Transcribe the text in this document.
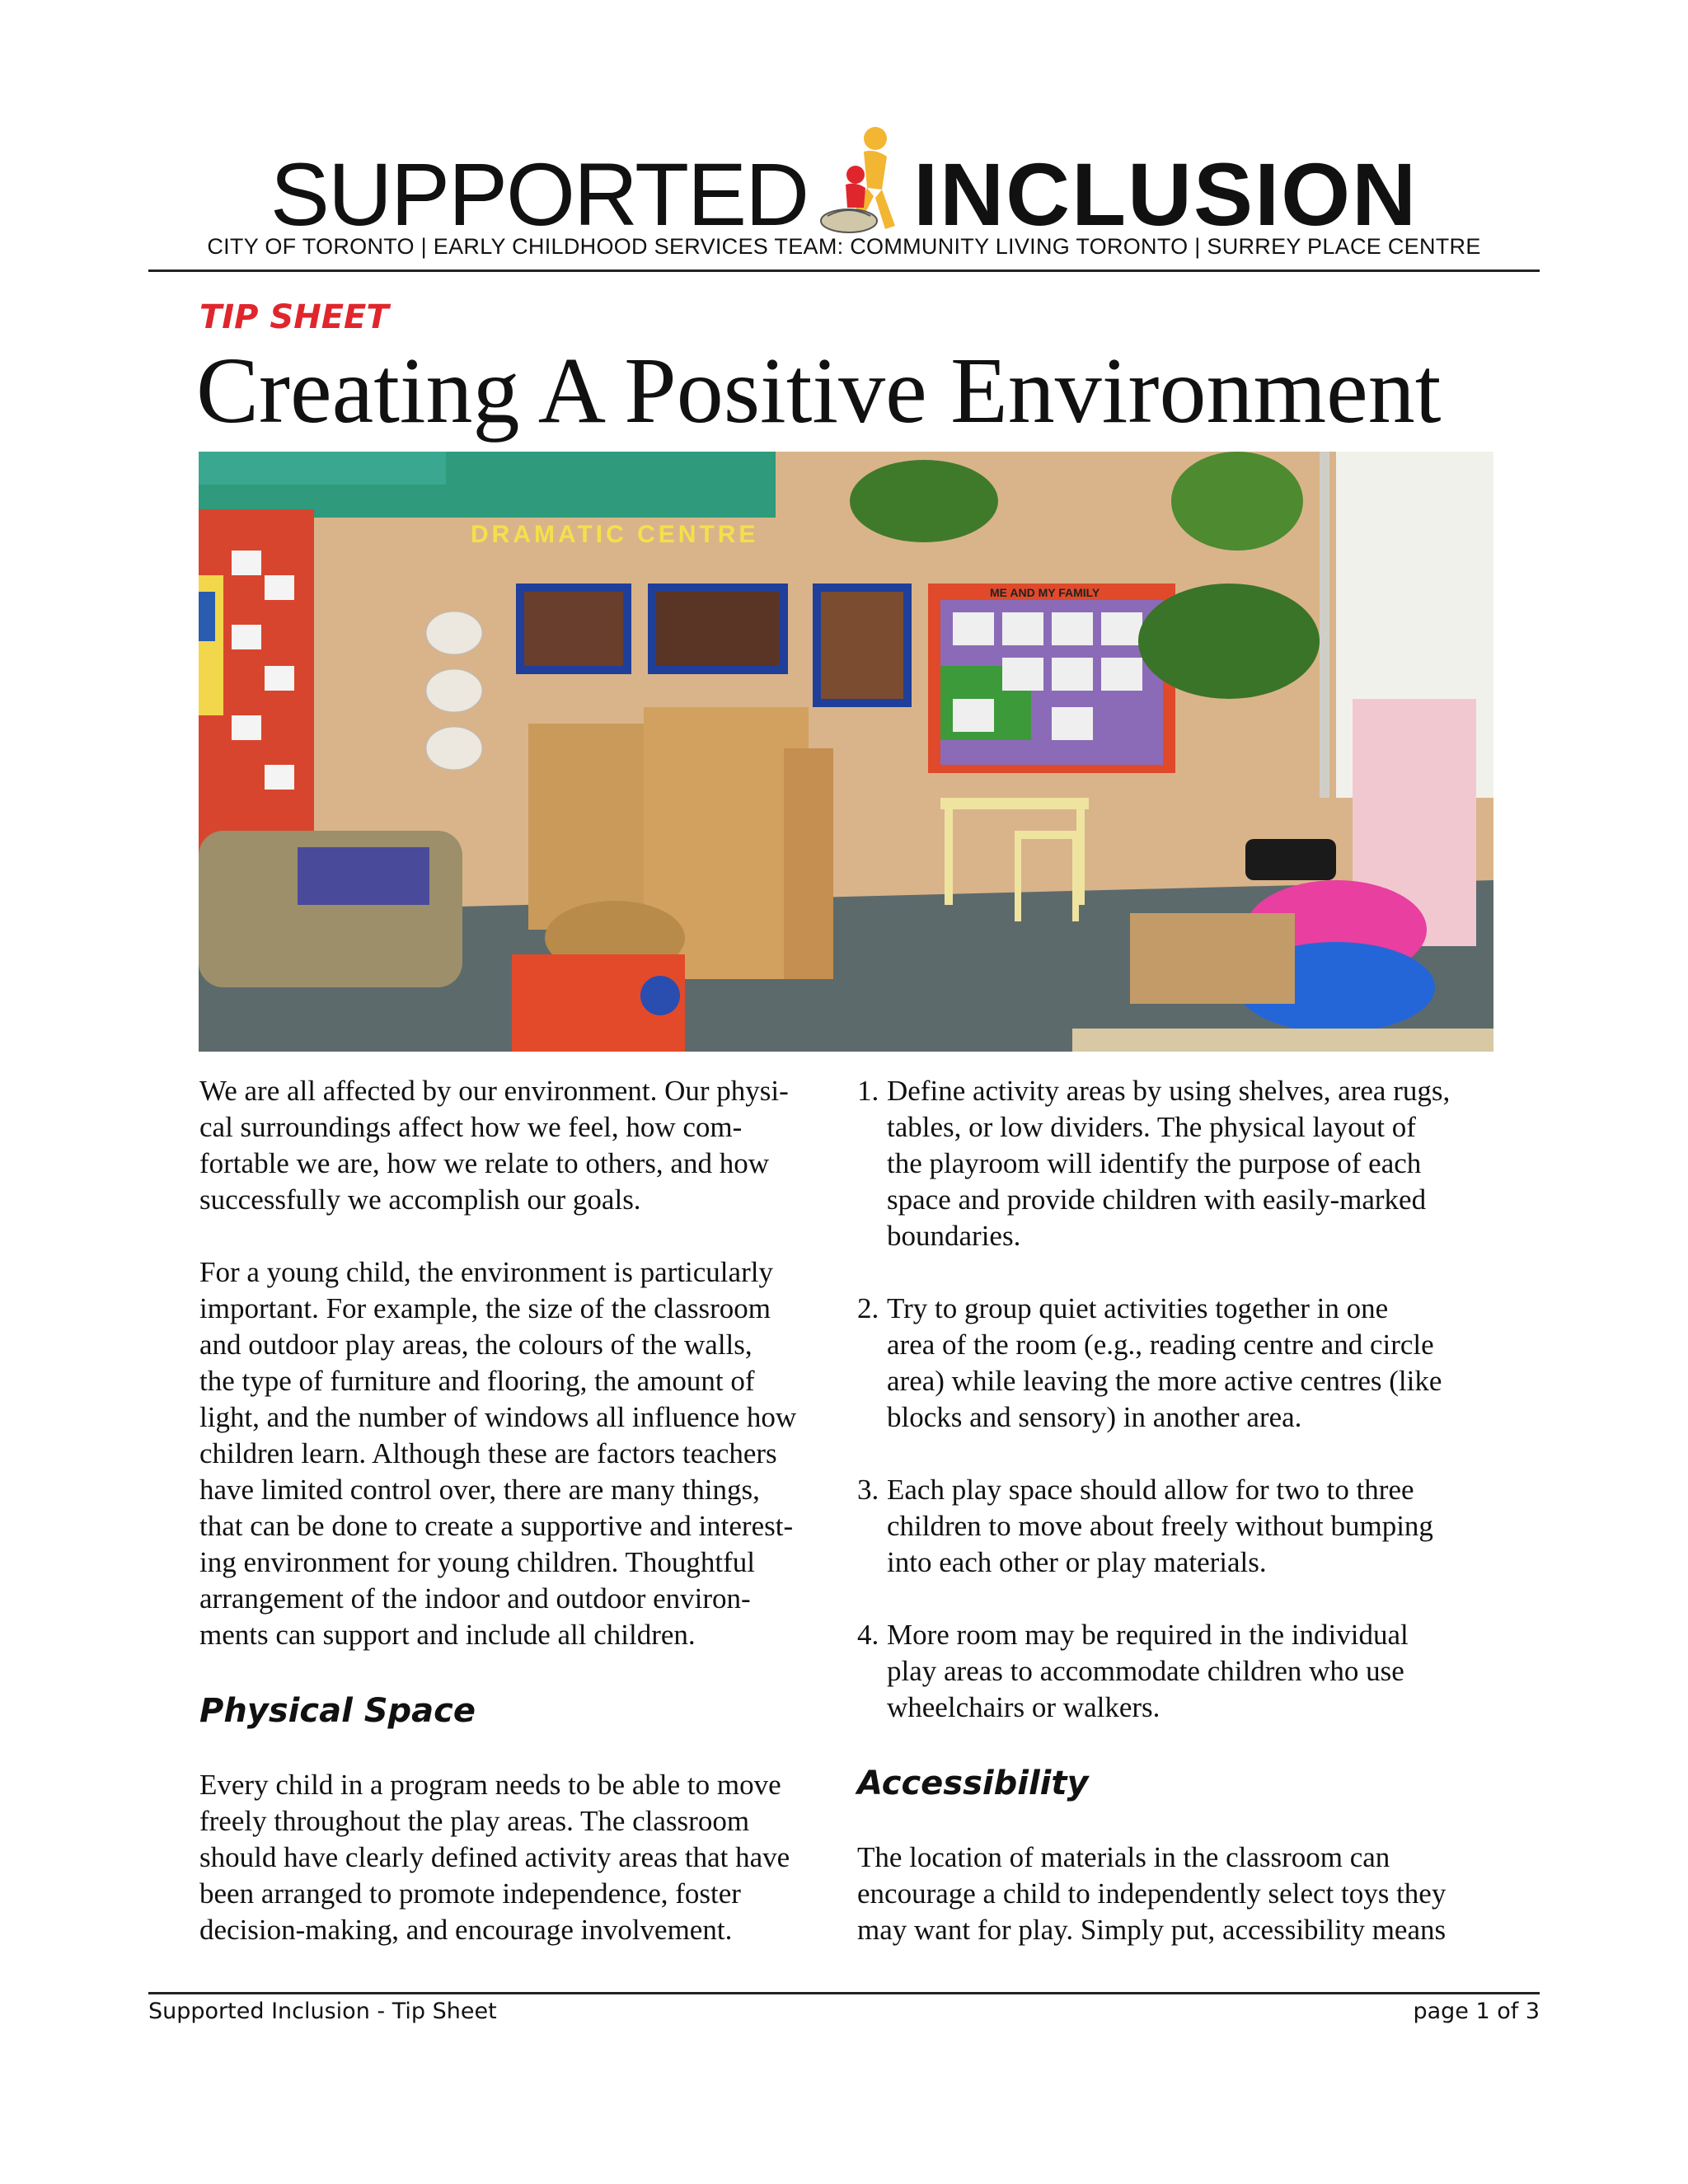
SUPPORTED INCLUSION
CITY OF TORONTO | EARLY CHILDHOOD SERVICES TEAM: COMMUNITY LIVING TORONTO | SURREY PLACE CENTRE
TIP SHEET
Creating A Positive Environment
DRAMATIC CENTRE
ME AND MY FAMILY

We are all affected by our environment. Our physi-
cal surroundings affect how we feel, how com-
fortable we are, how we relate to others, and how
successfully we accomplish our goals.

For a young child, the environment is particularly
important. For example, the size of the classroom
and outdoor play areas, the colours of the walls,
the type of furniture and flooring, the amount of
light, and the number of windows all influence how
children learn. Although these are factors teachers
have limited control over, there are many things,
that can be done to create a supportive and interest-
ing environment for young children. Thoughtful
arrangement of the indoor and outdoor environ-
ments can support and include all children.

Physical Space

Every child in a program needs to be able to move
freely throughout the play areas. The classroom
should have clearly defined activity areas that have
been arranged to promote independence, foster
decision-making, and encourage involvement.

1. Define activity areas by using shelves, area rugs,
tables, or low dividers. The physical layout of
the playroom will identify the purpose of each
space and provide children with easily-marked
boundaries.

2. Try to group quiet activities together in one
area of the room (e.g., reading centre and circle
area) while leaving the more active centres (like
blocks and sensory) in another area.

3. Each play space should allow for two to three
children to move about freely without bumping
into each other or play materials.

4. More room may be required in the individual
play areas to accommodate children who use
wheelchairs or walkers.

Accessibility

The location of materials in the classroom can
encourage a child to independently select toys they
may want for play. Simply put, accessibility means

Supported Inclusion - Tip Sheet	page 1 of 3
